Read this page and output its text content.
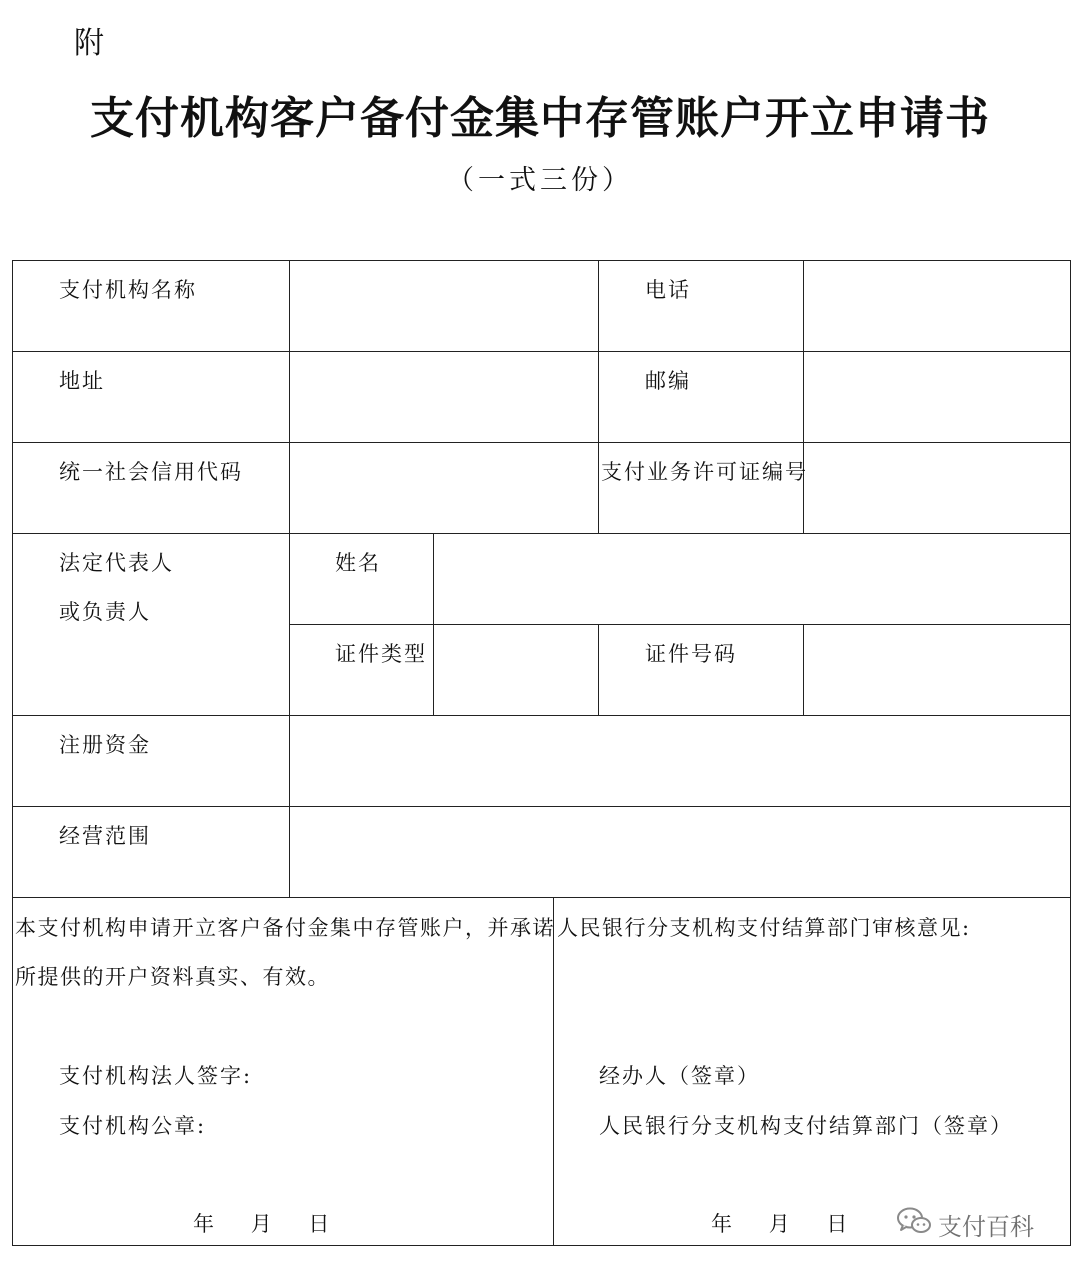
附
支付机构客户备付金集中存管账户开立申请书
（一式三份）
支付机构名称	电话
地址	邮编
统一社会信用代码	支付业务许可证编号
法定代表人
或负责人
姓名
证件类型	证件号码
注册资金
经营范围
本支付机构申请开立客户备付金集中存管账户，并承诺
所提供的开户资料真实、有效。
支付机构法人签字:
支付机构公章:
年    月    日
人民银行分支机构支付结算部门审核意见:
经办人（签章）
人民银行分支机构支付结算部门（签章）
年    月    日	支付百科
